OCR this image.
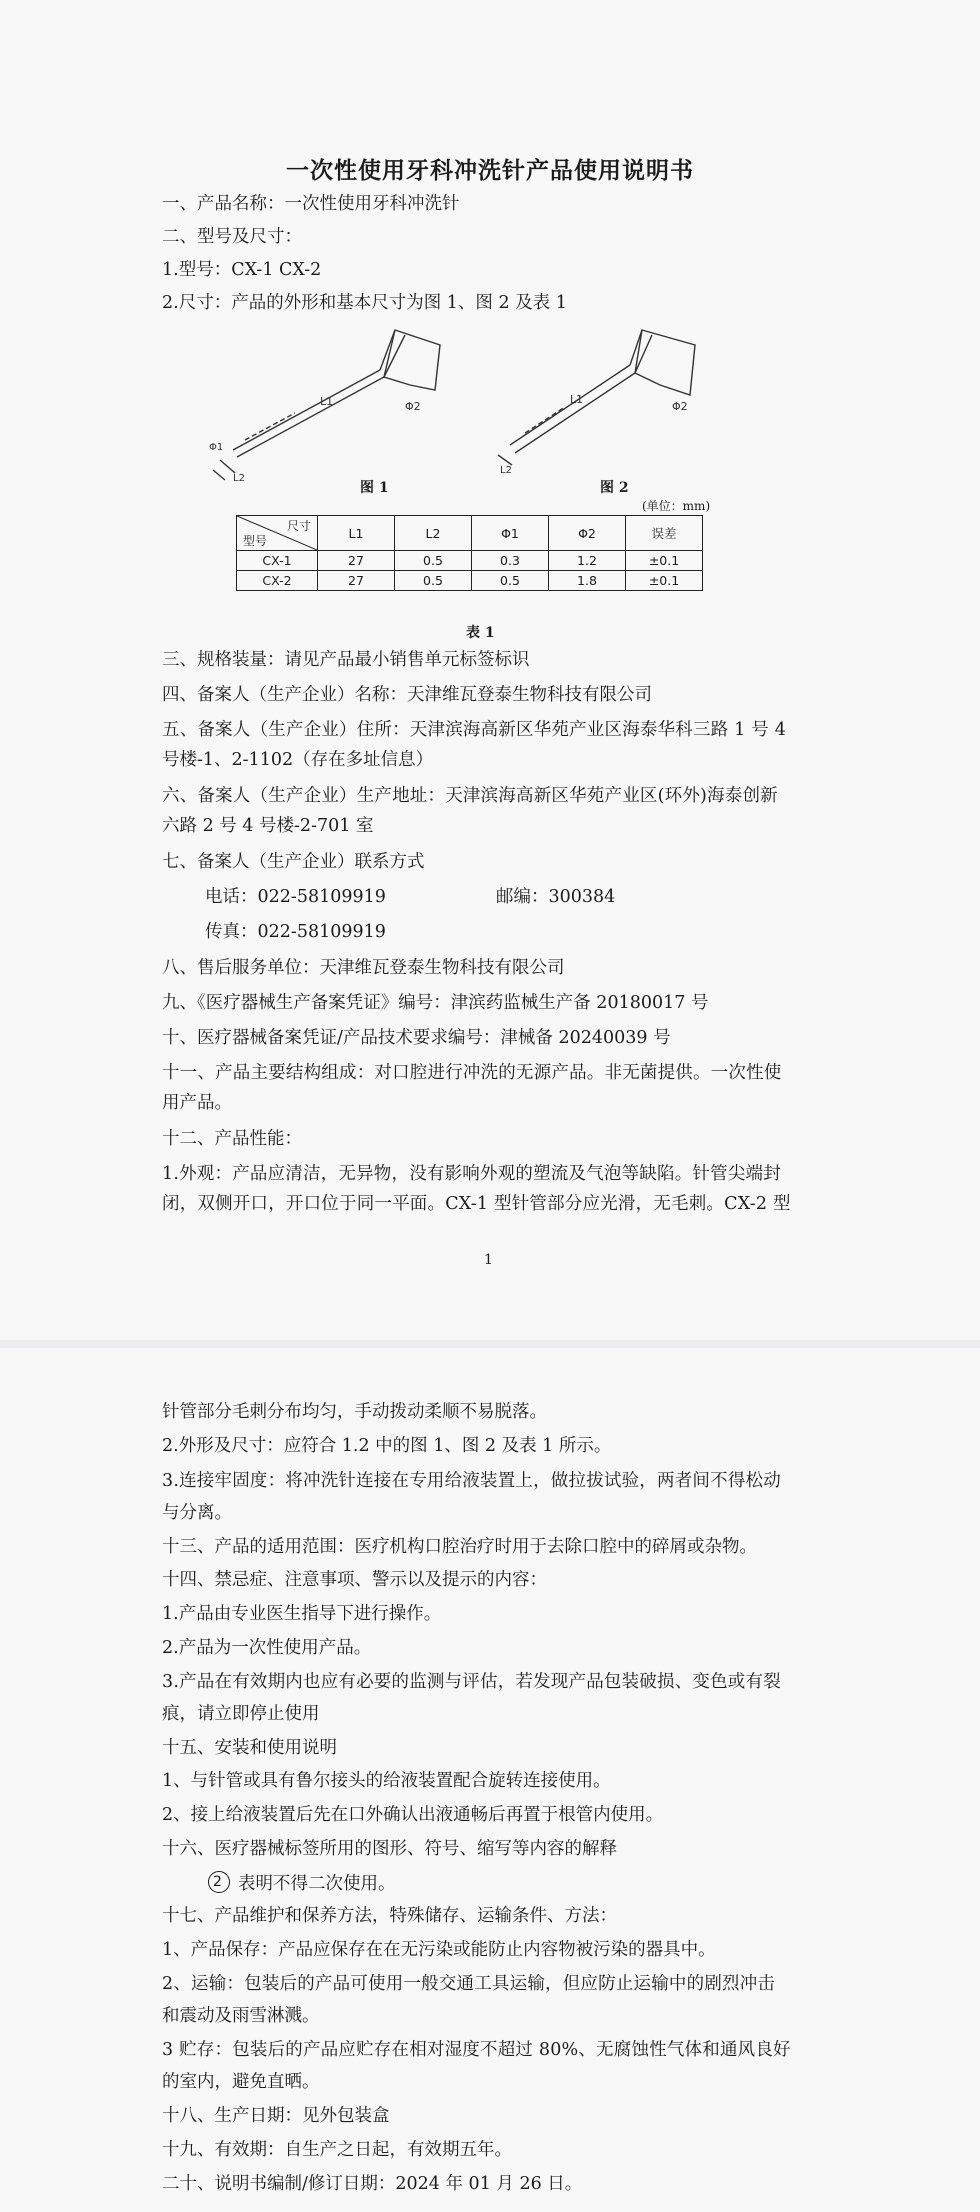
一次性使用牙科冲洗针产品使用说明书
一、产品名称：一次性使用牙科冲洗针
二、型号及尺寸：
1.型号：CX-1 CX-2
2.尺寸：产品的外形和基本尺寸为图 1、图 2 及表 1
L1	Φ2
Φ1
L2
图 1
L1
Φ2
L2
图 2
(单位：mm)
尺寸
型号	L1	L2	Φ1	Φ2	误差
CX-1	27	0.5	0.3	1.2	±0.1
CX-2	27	0.5	0.5	1.8	±0.1
表 1
三、规格装量：请见产品最小销售单元标签标识
四、备案人（生产企业）名称：天津维瓦登泰生物科技有限公司
五、备案人（生产企业）住所：天津滨海高新区华苑产业区海泰华科三路 1 号 4
号楼-1、2-1102（存在多址信息）
六、备案人（生产企业）生产地址：天津滨海高新区华苑产业区(环外)海泰创新
六路 2 号 4 号楼-2-701 室
七、备案人（生产企业）联系方式
电话：022-58109919	邮编：300384
传真：022-58109919
八、售后服务单位：天津维瓦登泰生物科技有限公司
九、《医疗器械生产备案凭证》编号：津滨药监械生产备 20180017 号
十、医疗器械备案凭证/产品技术要求编号：津械备 20240039 号
十一、产品主要结构组成：对口腔进行冲洗的无源产品。非无菌提供。一次性使
用产品。
十二、产品性能：
1.外观：产品应清洁，无异物，没有影响外观的塑流及气泡等缺陷。针管尖端封
闭，双侧开口，开口位于同一平面。CX-1 型针管部分应光滑，无毛刺。CX-2 型
1
针管部分毛刺分布均匀，手动拨动柔顺不易脱落。
2.外形及尺寸：应符合 1.2 中的图 1、图 2 及表 1 所示。
3.连接牢固度：将冲洗针连接在专用给液装置上，做拉拔试验，两者间不得松动
与分离。
十三、产品的适用范围：医疗机构口腔治疗时用于去除口腔中的碎屑或杂物。
十四、禁忌症、注意事项、警示以及提示的内容：
1.产品由专业医生指导下进行操作。
2.产品为一次性使用产品。
3.产品在有效期内也应有必要的监测与评估，若发现产品包装破损、变色或有裂
痕，请立即停止使用
十五、安装和使用说明
1、与针管或具有鲁尔接头的给液装置配合旋转连接使用。
2、接上给液装置后先在口外确认出液通畅后再置于根管内使用。
十六、医疗器械标签所用的图形、符号、缩写等内容的解释
2 表明不得二次使用。
十七、产品维护和保养方法，特殊储存、运输条件、方法：
1、产品保存：产品应保存在在无污染或能防止内容物被污染的器具中。
2、运输：包装后的产品可使用一般交通工具运输，但应防止运输中的剧烈冲击
和震动及雨雪淋溅。
3 贮存：包装后的产品应贮存在相对湿度不超过 80%、无腐蚀性气体和通风良好
的室内，避免直晒。
十八、生产日期：见外包装盒
十九、有效期：自生产之日起，有效期五年。
二十、说明书编制/修订日期：2024 年 01 月 26 日。
